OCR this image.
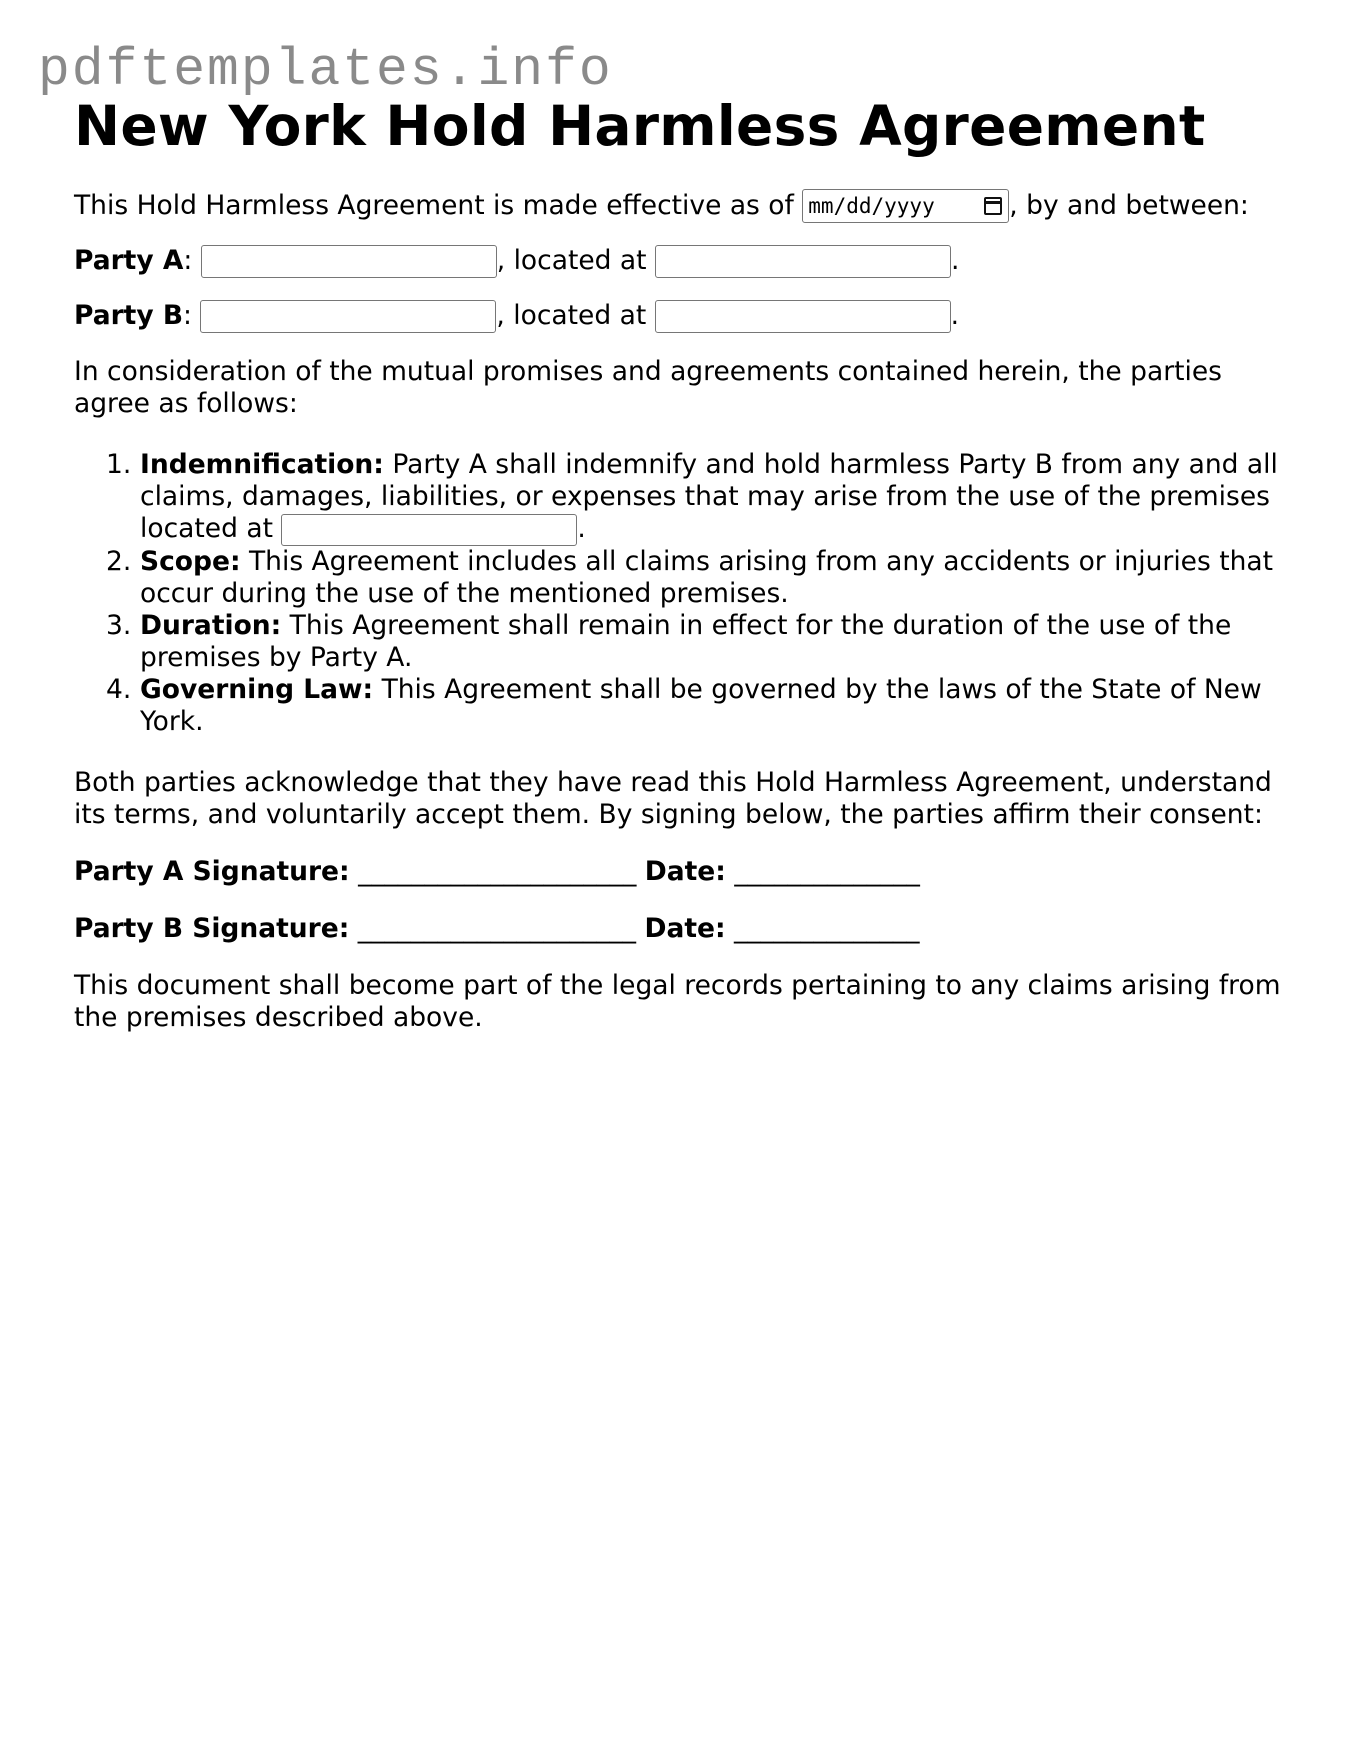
pdftemplates.info
New York Hold Harmless Agreement

This Hold Harmless Agreement is made effective as of
mm/dd/yyyy	, by and between:

Party A :
	, located at
	.

Party B :
	, located at
	.

In consideration of the mutual promises and agreements contained herein, the parties agree as follows:

1. Indemnification: Party A shall indemnify and hold harmless Party B from any and all claims, damages, liabilities, or expenses that may arise from the use of the premises located at	.
2. Scope: This Agreement includes all claims arising from any accidents or injuries that occur during the use of the mentioned premises.
3. Duration: This Agreement shall remain in effect for the duration of the use of the premises by Party A.
4. Governing Law: This Agreement shall be governed by the laws of the State of New York.

Both parties acknowledge that they have read this Hold Harmless Agreement, understand its terms, and voluntarily accept them. By signing below, the parties affirm their consent:

Party A Signature: _____________________ Date: ______________

Party B Signature: _____________________ Date: ______________

This document shall become part of the legal records pertaining to any claims arising from the premises described above.
